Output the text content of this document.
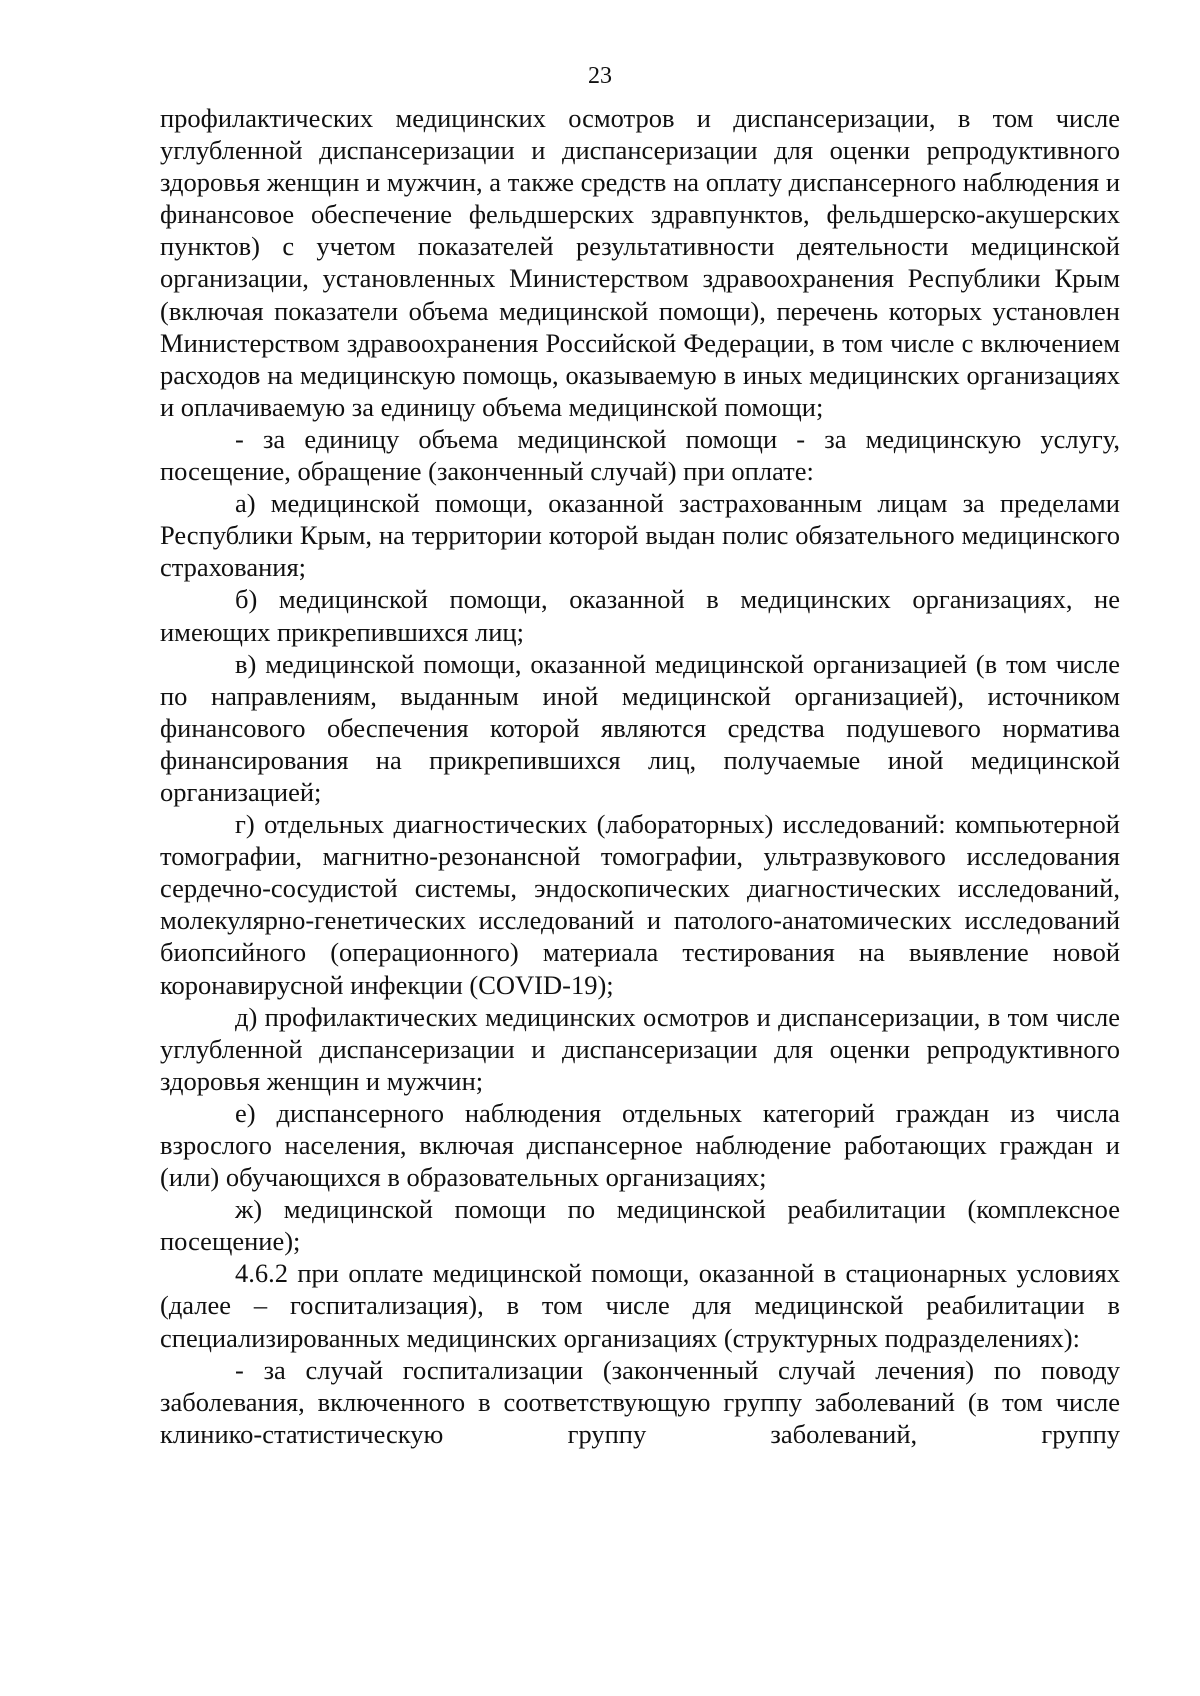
23

профилактических медицинских осмотров и диспансеризации, в том числе углубленной диспансеризации и диспансеризации для оценки репродуктивного здоровья женщин и мужчин, а также средств на оплату диспансерного наблюдения и финансовое обеспечение фельдшерских здравпунктов, фельдшерско-акушерских пунктов) с учетом показателей результативности деятельности медицинской организации, установленных Министерством здравоохранения Республики Крым (включая показатели объема медицинской помощи), перечень которых установлен Министерством здравоохранения Российской Федерации, в том числе с включением расходов на медицинскую помощь, оказываемую в иных медицинских организациях и оплачиваемую за единицу объема медицинской помощи;

- за единицу объема медицинской помощи - за медицинскую услугу, посещение, обращение (законченный случай) при оплате:

а) медицинской помощи, оказанной застрахованным лицам за пределами Республики Крым, на территории которой выдан полис обязательного медицинского страхования;

б) медицинской помощи, оказанной в медицинских организациях, не имеющих прикрепившихся лиц;

в) медицинской помощи, оказанной медицинской организацией (в том числе по направлениям, выданным иной медицинской организацией), источником финансового обеспечения которой являются средства подушевого норматива финансирования на прикрепившихся лиц, получаемые иной медицинской организацией;

г) отдельных диагностических (лабораторных) исследований: компьютерной томографии, магнитно-резонансной томографии, ультразвукового исследования сердечно-сосудистой системы, эндоскопических диагностических исследований, молекулярно-генетических исследований и патолого-анатомических исследований биопсийного (операционного) материала тестирования на выявление новой коронавирусной инфекции (COVID-19);

д) профилактических медицинских осмотров и диспансеризации, в том числе углубленной диспансеризации и диспансеризации для оценки репродуктивного здоровья женщин и мужчин;

е) диспансерного наблюдения отдельных категорий граждан из числа взрослого населения, включая диспансерное наблюдение работающих граждан и (или) обучающихся в образовательных организациях;

ж) медицинской помощи по медицинской реабилитации (комплексное посещение);

4.6.2 при оплате медицинской помощи, оказанной в стационарных условиях (далее – госпитализация), в том числе для медицинской реабилитации в специализированных медицинских организациях (структурных подразделениях):

- за случай госпитализации (законченный случай лечения) по поводу заболевания, включенного в соответствующую группу заболеваний (в том числе клинико-статистическую группу заболеваний, группу
